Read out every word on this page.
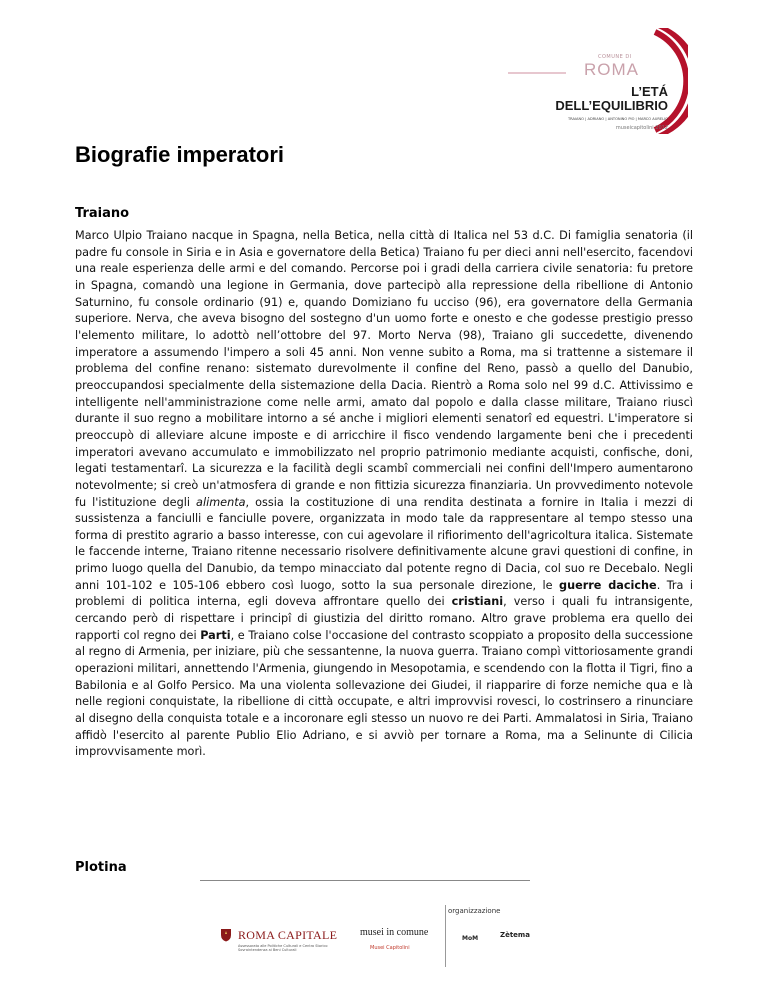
COMUNE DI
ROMA
L’ETÁ
DELL’EQUILIBRIO
TRAIANO | ADRIANO | ANTONINO PIO | MARCO AURELIO
museicapitolini 2012
Biografie imperatori
Traiano

Marco Ulpio Traiano nacque in Spagna, nella Betica, nella città di Italica nel 53 d.C. Di famiglia senatoria (il padre fu console in Siria e in Asia e governatore della Betica) Traiano fu per dieci anni nell'esercito, facendovi una reale esperienza delle armi e del comando. Percorse poi i gradi della carriera civile senatoria: fu pretore in Spagna, comandò una legione in Germania, dove partecipò alla repressione della ribellione di Antonio Saturnino, fu console ordinario (91) e, quando Domiziano fu ucciso (96), era governatore della Germania superiore. Nerva, che aveva bisogno del sostegno d'un uomo forte e onesto e che godesse prestigio presso l'elemento militare, lo adottò nell’ottobre del 97. Morto Nerva (98), Traiano gli succedette, divenendo imperatore a assumendo l'impero a soli 45 anni. Non venne subito a Roma, ma si trattenne a sistemare il problema del confine renano: sistemato durevolmente il confine del Reno, passò a quello del Danubio, preoccupandosi specialmente della sistemazione della Dacia. Rientrò a Roma solo nel 99 d.C. Attivissimo e intelligente nell'amministrazione come nelle armi, amato dal popolo e dalla classe militare, Traiano riuscì durante il suo regno a mobilitare intorno a sé anche i migliori elementi senatorî ed equestri. L'imperatore si preoccupò di alleviare alcune imposte e di arricchire il fisco vendendo largamente beni che i precedenti imperatori avevano accumulato e immobilizzato nel proprio patrimonio mediante acquisti, confische, doni, legati testamentarî. La sicurezza e la facilità degli scambî commerciali nei confini dell'Impero aumentarono notevolmente; si creò un'atmosfera di grande e non fittizia sicurezza finanziaria. Un provvedimento notevole fu l'istituzione degli alimenta, ossia la costituzione di una rendita destinata a fornire in Italia i mezzi di sussistenza a fanciulli e fanciulle povere, organizzata in modo tale da rappresentare al tempo stesso una forma di prestito agrario a basso interesse, con cui agevolare il rifiorimento dell'agricoltura italica. Sistemate le faccende interne, Traiano ritenne necessario risolvere definitivamente alcune gravi questioni di confine, in primo luogo quella del Danubio, da tempo minacciato dal potente regno di Dacia, col suo re Decebalo. Negli anni 101-102 e 105-106 ebbero così luogo, sotto la sua personale direzione, le guerre daciche. Tra i problemi di politica interna, egli doveva affrontare quello dei cristiani, verso i quali fu intransigente, cercando però di rispettare i principî di giustizia del diritto romano. Altro grave problema era quello dei rapporti col regno dei Parti, e Traiano colse l'occasione del contrasto scoppiato a proposito della successione al regno di Armenia, per iniziare, più che sessantenne, la nuova guerra. Traiano compì vittoriosamente grandi operazioni militari, annettendo l'Armenia, giungendo in Mesopotamia, e scendendo con la flotta il Tigri, fino a Babilonia e al Golfo Persico. Ma una violenta sollevazione dei Giudei, il riapparire di forze nemiche qua e là nelle regioni conquistate, la ribellione di città occupate, e altri improvvisi rovesci, lo costrinsero a rinunciare al disegno della conquista totale e a incoronare egli stesso un nuovo re dei Parti. Ammalatosi in Siria, Traiano affidò l'esercito al parente Publio Elio Adriano, e si avviò per tornare a Roma, ma a Selinunte di Cilicia improvvisamente morì.

Plotina
organizzazione
ROMA CAPITALE
Assessorato alle Politiche Culturali e Centro Storico Sovraintendenza ai Beni Culturali
musei in comune
Musei Capitolini
MoM	Zètema
